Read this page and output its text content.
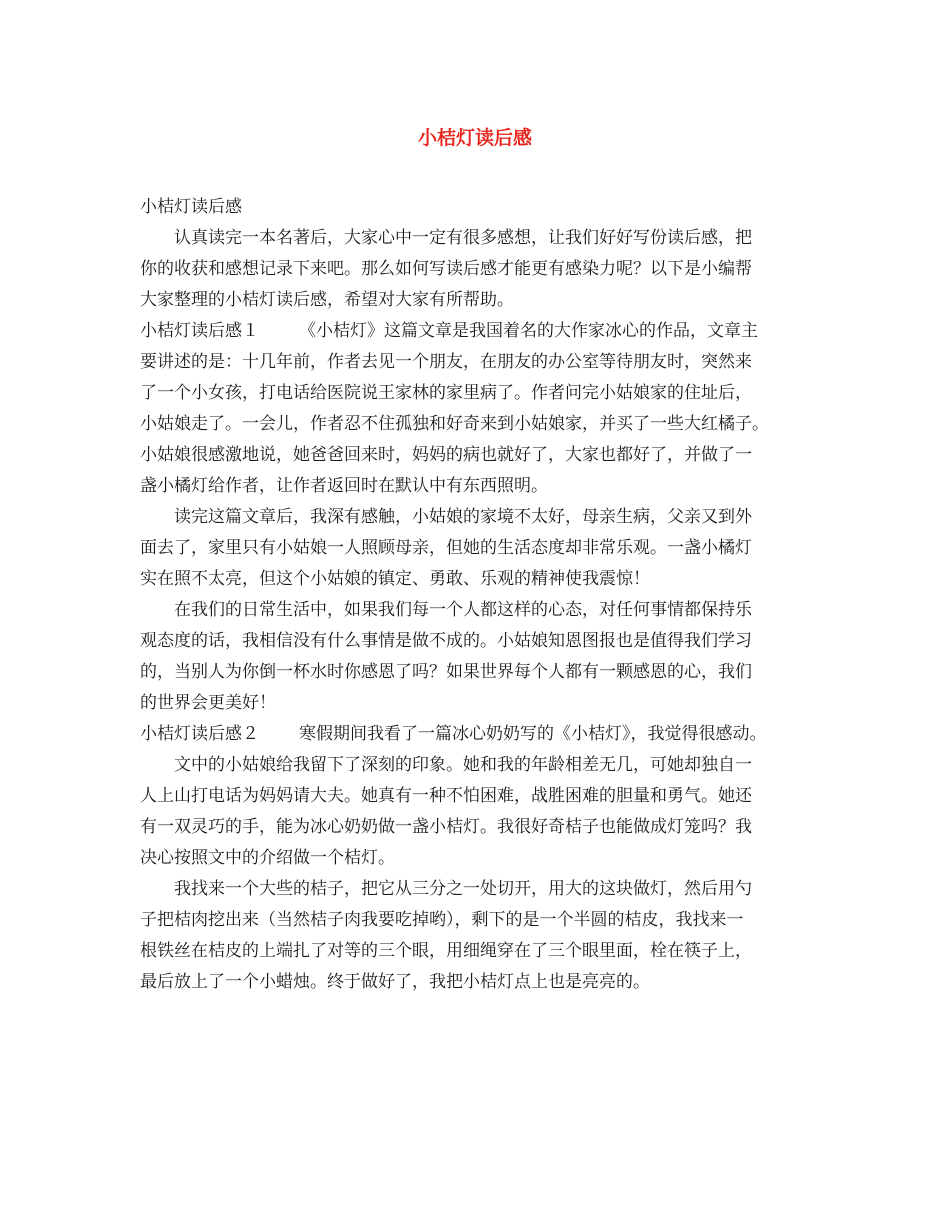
小桔灯读后感

小桔灯读后感

认真读完一本名著后，大家心中一定有很多感想，让我们好好写份读后感，把
你的收获和感想记录下来吧。那么如何写读后感才能更有感染力呢？以下是小编帮
大家整理的小桔灯读后感，希望对大家有所帮助。

小桔灯读后感１ 《小桔灯》这篇文章是我国着名的大作家冰心的作品，文章主
要讲述的是：十几年前，作者去见一个朋友，在朋友的办公室等待朋友时，突然来
了一个小女孩，打电话给医院说王家林的家里病了。作者问完小姑娘家的住址后，
小姑娘走了。一会儿，作者忍不住孤独和好奇来到小姑娘家，并买了一些大红橘子。
小姑娘很感激地说，她爸爸回来时，妈妈的病也就好了，大家也都好了，并做了一
盏小橘灯给作者，让作者返回时在默认中有东西照明。

读完这篇文章后，我深有感触，小姑娘的家境不太好，母亲生病，父亲又到外
面去了，家里只有小姑娘一人照顾母亲，但她的生活态度却非常乐观。一盏小橘灯
实在照不太亮，但这个小姑娘的镇定、勇敢、乐观的精神使我震惊！

在我们的日常生活中，如果我们每一个人都这样的心态，对任何事情都保持乐
观态度的话，我相信没有什么事情是做不成的。小姑娘知恩图报也是值得我们学习
的，当别人为你倒一杯水时你感恩了吗？如果世界每个人都有一颗感恩的心，我们
的世界会更美好！

小桔灯读后感２ 寒假期间我看了一篇冰心奶奶写的《小桔灯》，我觉得很感动。

文中的小姑娘给我留下了深刻的印象。她和我的年龄相差无几，可她却独自一
人上山打电话为妈妈请大夫。她真有一种不怕困难，战胜困难的胆量和勇气。她还
有一双灵巧的手，能为冰心奶奶做一盏小桔灯。我很好奇桔子也能做成灯笼吗？我
决心按照文中的介绍做一个桔灯。

我找来一个大些的桔子，把它从三分之一处切开，用大的这块做灯，然后用勺
子把桔肉挖出来（当然桔子肉我要吃掉哟），剩下的是一个半圆的桔皮，我找来一
根铁丝在桔皮的上端扎了对等的三个眼，用细绳穿在了三个眼里面，栓在筷子上，
最后放上了一个小蜡烛。终于做好了，我把小桔灯点上也是亮亮的。
